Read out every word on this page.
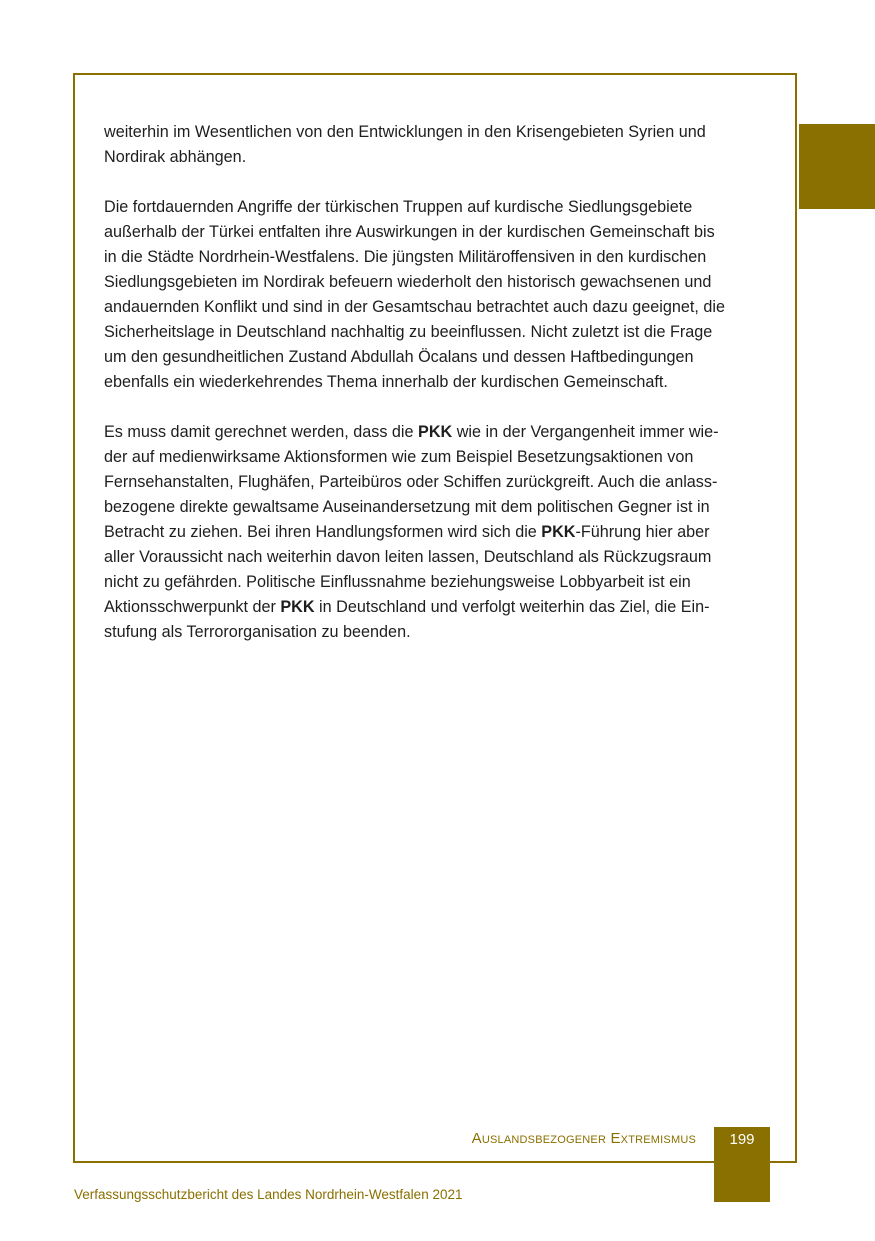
weiterhin im Wesentlichen von den Entwicklungen in den Krisengebieten Syrien und
Nordirak abhängen.

Die fortdauernden Angriffe der türkischen Truppen auf kurdische Siedlungsgebiete
außerhalb der Türkei entfalten ihre Auswirkungen in der kurdischen Gemeinschaft bis
in die Städte Nordrhein-Westfalens. Die jüngsten Militäroffensiven in den kurdischen
Siedlungsgebieten im Nordirak befeuern wiederholt den historisch gewachsenen und
andauernden Konflikt und sind in der Gesamtschau betrachtet auch dazu geeignet, die
Sicherheitslage in Deutschland nachhaltig zu beeinflussen. Nicht zuletzt ist die Frage
um den gesundheitlichen Zustand Abdullah Öcalans und dessen Haftbedingungen
ebenfalls ein wiederkehrendes Thema innerhalb der kurdischen Gemeinschaft.

Es muss damit gerechnet werden, dass die PKK wie in der Vergangenheit immer wie-
der auf medienwirksame Aktionsformen wie zum Beispiel Besetzungsaktionen von
Fernsehanstalten, Flughäfen, Parteibüros oder Schiffen zurückgreift. Auch die anlass-
bezogene direkte gewaltsame Auseinandersetzung mit dem politischen Gegner ist in
Betracht zu ziehen. Bei ihren Handlungsformen wird sich die PKK-Führung hier aber
aller Voraussicht nach weiterhin davon leiten lassen, Deutschland als Rückzugsraum
nicht zu gefährden. Politische Einflussnahme beziehungsweise Lobbyarbeit ist ein
Aktionsschwerpunkt der PKK in Deutschland und verfolgt weiterhin das Ziel, die Ein-
stufung als Terrororganisation zu beenden.

Auslandsbezogener Extremismus	199
Verfassungsschutzbericht des Landes Nordrhein-Westfalen 2021
